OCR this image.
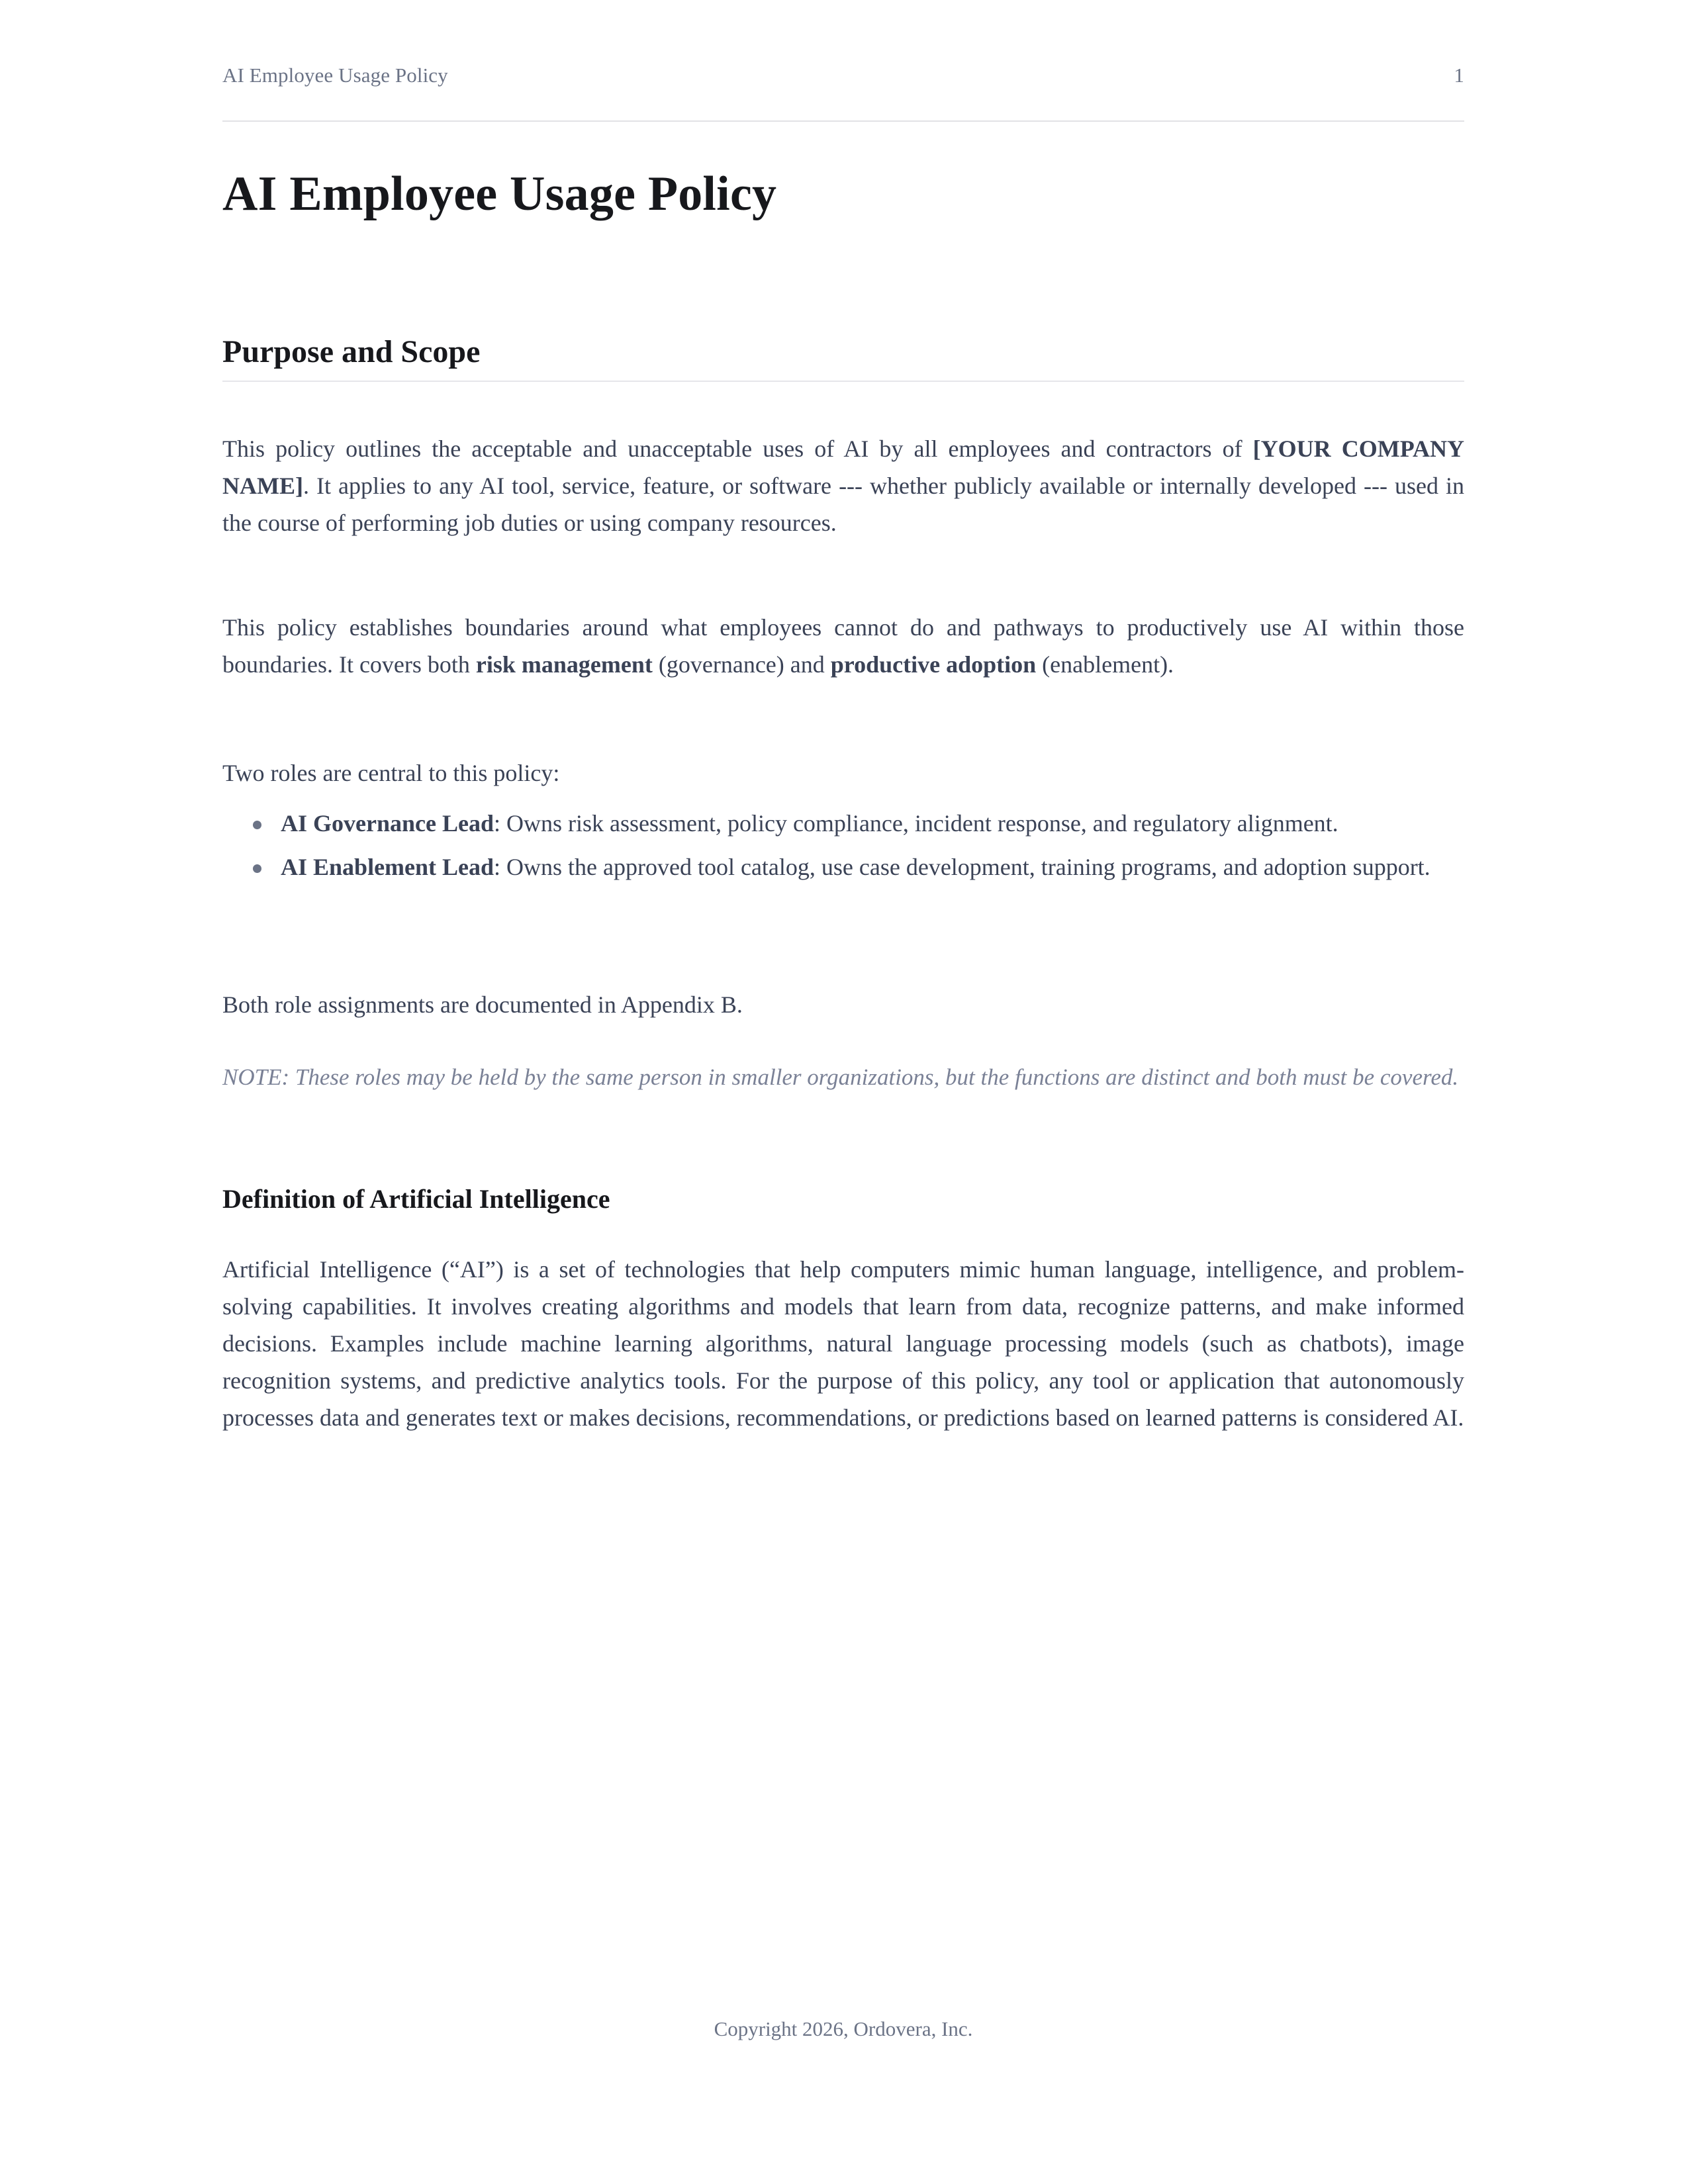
AI Employee Usage Policy	1
AI Employee Usage Policy
Purpose and Scope

This policy outlines the acceptable and unacceptable uses of AI by all employees and contractors of [YOUR COMPANY NAME]. It applies to any AI tool, service, feature, or software --- whether publicly available or internally developed --- used in the course of performing job duties or using company resources.

This policy establishes boundaries around what employees cannot do and pathways to productively use AI within those boundaries. It covers both risk management (governance) and productive adoption (enablement).

Two roles are central to this policy:

AI Governance Lead: Owns risk assessment, policy compliance, incident response, and regulatory alignment.
AI Enablement Lead: Owns the approved tool catalog, use case development, training programs, and adoption support.

Both role assignments are documented in Appendix B.

NOTE: These roles may be held by the same person in smaller organizations, but the functions are distinct and both must be covered.

Definition of Artificial Intelligence

Artificial Intelligence (“AI”) is a set of technologies that help computers mimic human language, intelligence, and problem-solving capabilities. It involves creating algorithms and models that learn from data, recognize patterns, and make informed decisions. Examples include machine learning algorithms, natural language processing models (such as chatbots), image recognition systems, and predictive analytics tools. For the purpose of this policy, any tool or application that autonomously processes data and generates text or makes decisions, recommendations, or predictions based on learned patterns is considered AI.

Copyright 2026, Ordovera, Inc.
